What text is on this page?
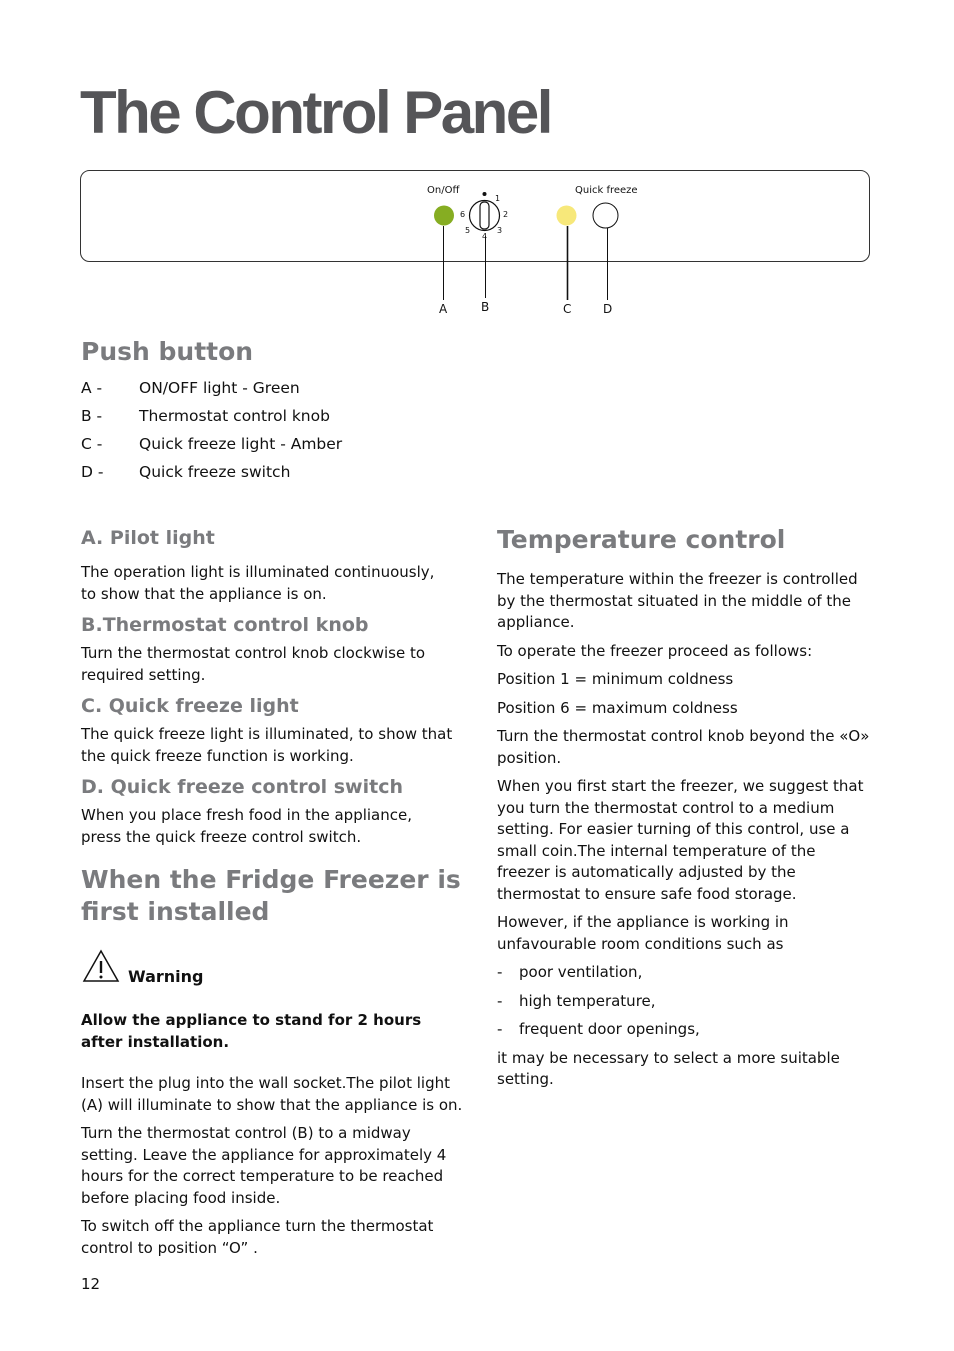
The Control Panel
On/Off	Quick freeze
1
2
3
4
5
6
A	B	C	D
Push button
A - ON/OFF light - Green
B - Thermostat control knob
C - Quick freeze light - Amber
D - Quick freeze switch
A. Pilot light

The operation light is illuminated continuously, to show that the appliance is on.

B.Thermostat control knob

Turn the thermostat control knob clockwise to required setting.

C. Quick freeze light

The quick freeze light is illuminated, to show that the quick freeze function is working.

D. Quick freeze control switch

When you place fresh food in the appliance, press the quick freeze control switch.

When the Fridge Freezer is
first installed
Warning

Allow the appliance to stand for 2 hours after installation.

Insert the plug into the wall socket.The pilot light (A) will illuminate to show that the appliance is on.

Turn the thermostat control (B) to a midway setting. Leave the appliance for approximately 4 hours for the correct temperature to be reached before placing food inside.

To switch off the appliance turn the thermostat control to position “O” .

Temperature control

The temperature within the freezer is controlled by the thermostat situated in the middle of the appliance.

To operate the freezer proceed as follows:

Position 1 = minimum coldness

Position 6 = maximum coldness

Turn the thermostat control knob beyond the «O» position.

When you first start the freezer, we suggest that you turn the thermostat control to a medium setting. For easier turning of this control, use a small coin.The internal temperature of the freezer is automatically adjusted by the thermostat to ensure safe food storage.

However, if the appliance is working in unfavourable room conditions such as

- poor ventilation,

- high temperature,

- frequent door openings,

it may be necessary to select a more suitable setting.

12
